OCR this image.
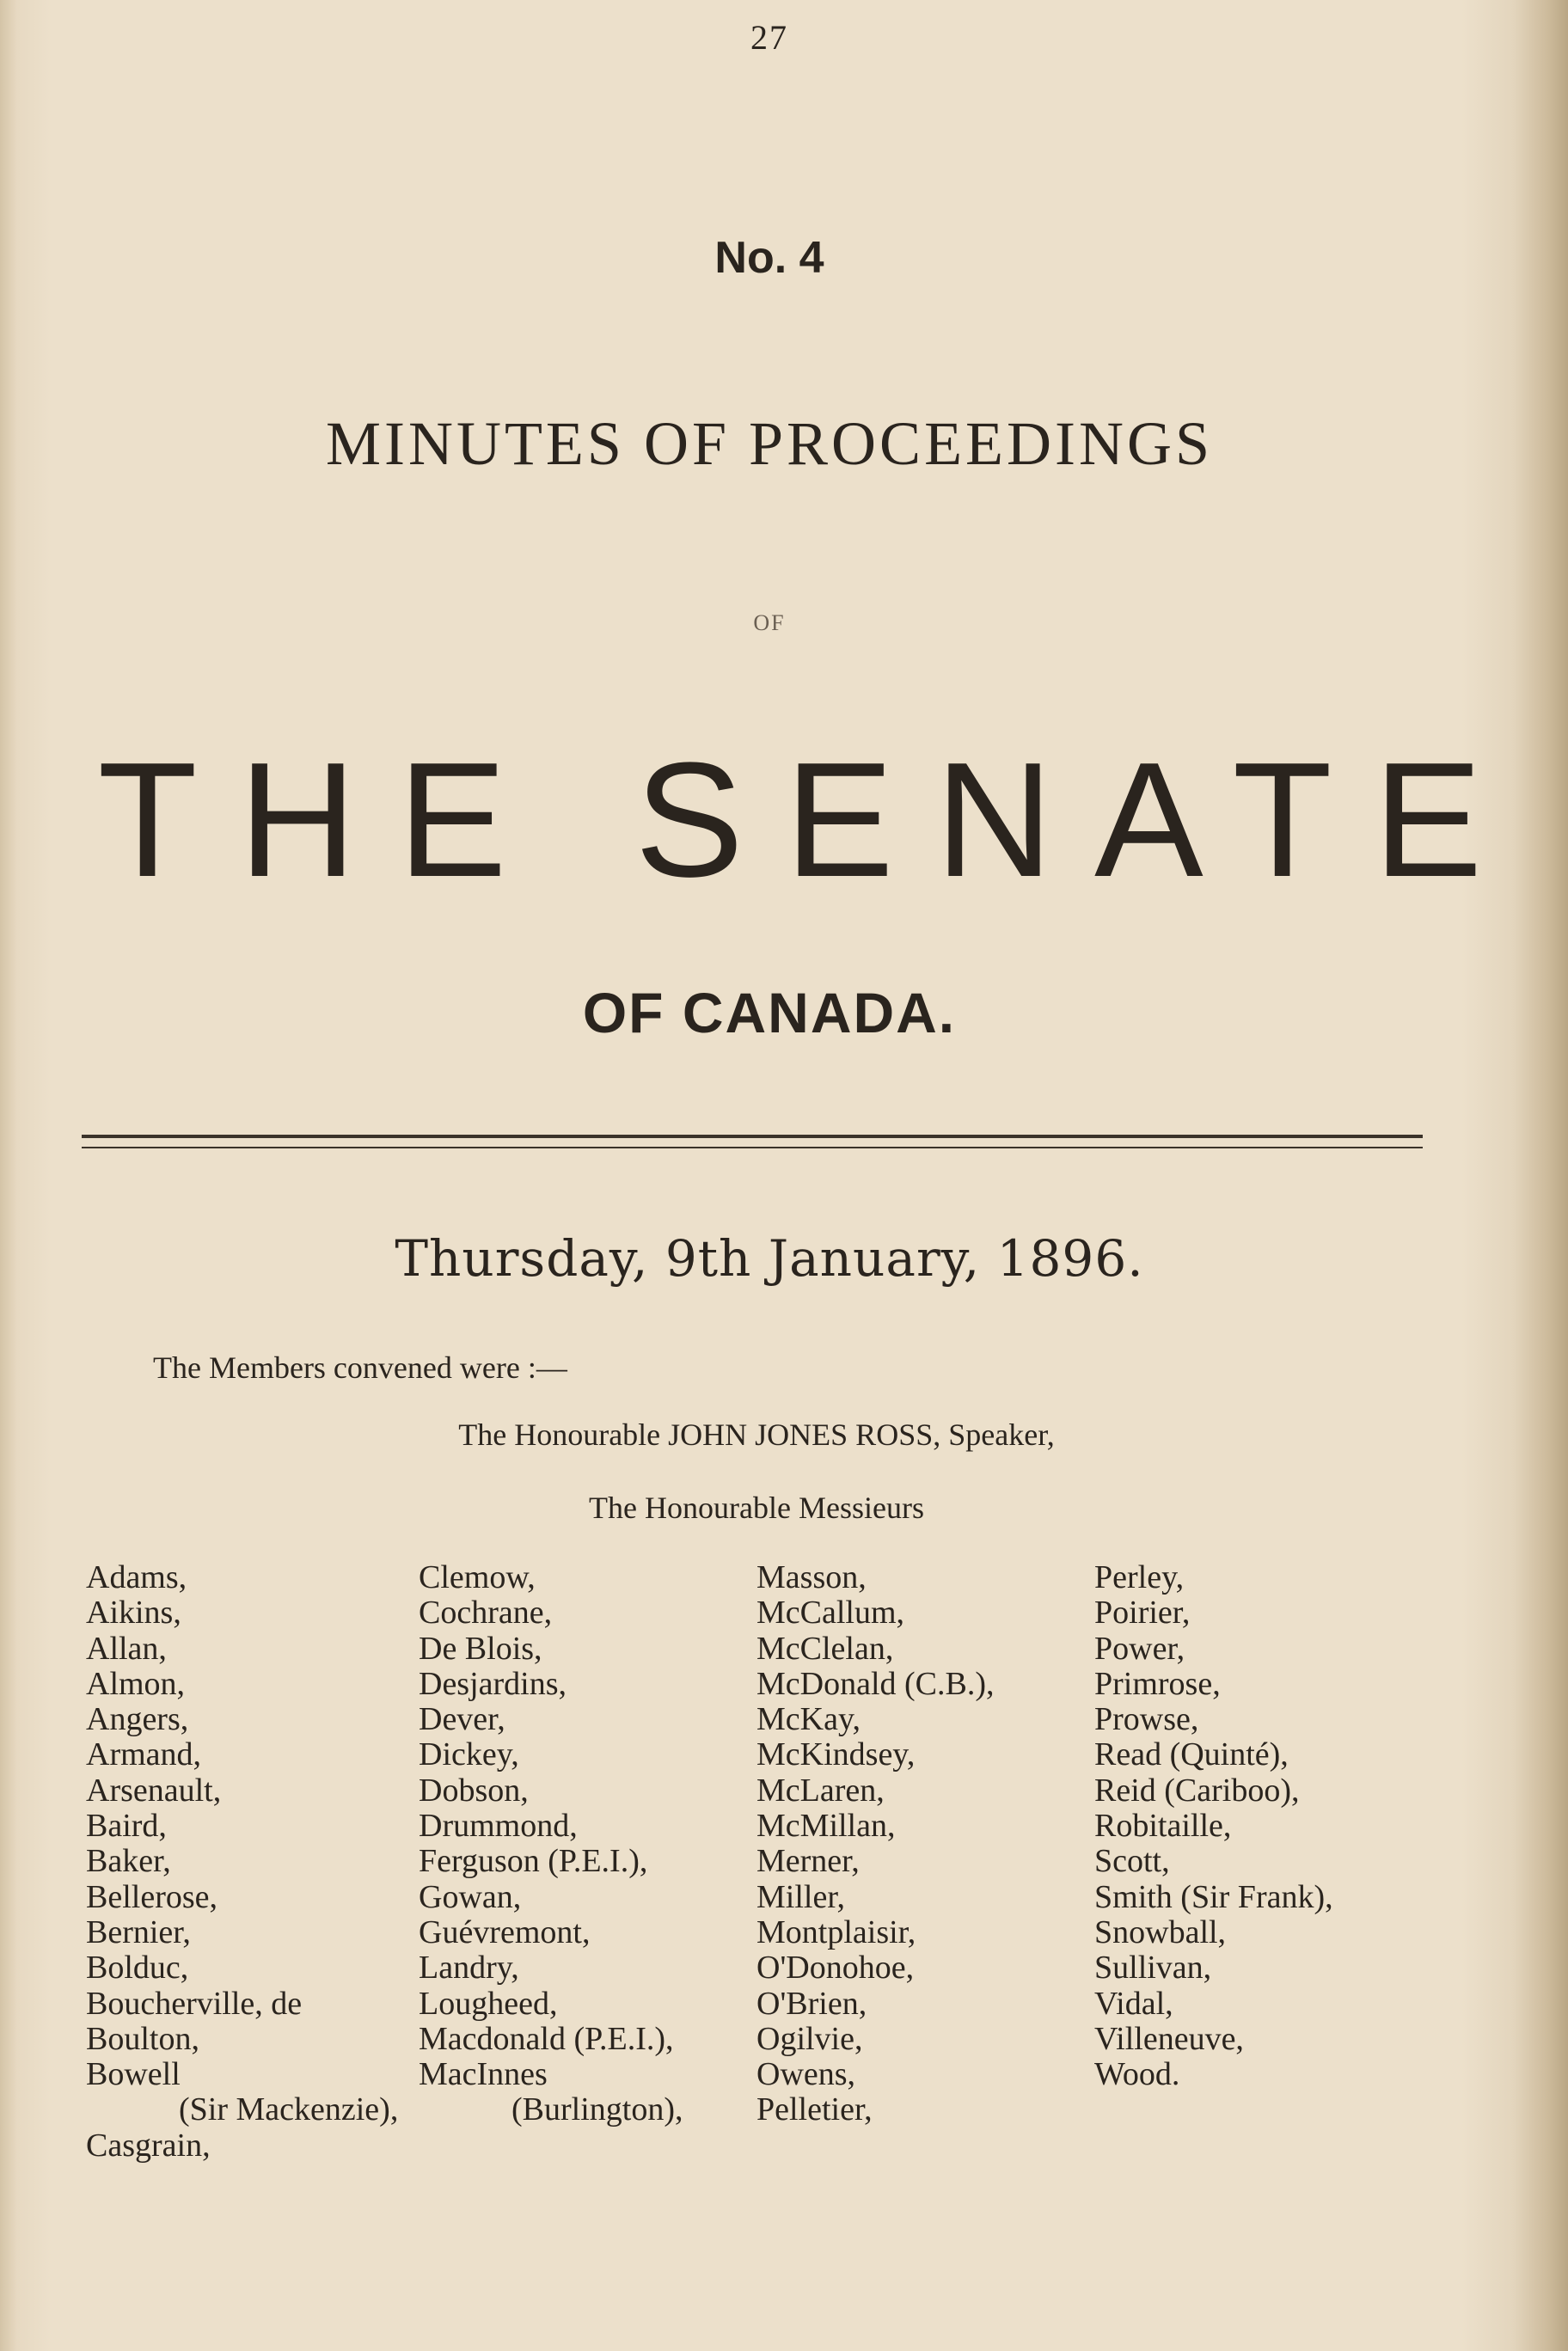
27
No. 4
MINUTES OF PROCEEDINGS
OF
THE SENATE
OF CANADA.
Thursday, 9th January, 1896.
The Members convened were :—
The Honourable JOHN JONES ROSS, Speaker,
The Honourable Messieurs
Adams,
Aikins,
Allan,
Almon,
Angers,
Armand,
Arsenault,
Baird,
Baker,
Bellerose,
Bernier,
Bolduc,
Boucherville, de
Boulton,
Bowell
(Sir Mackenzie),
Casgrain,
Clemow,
Cochrane,
De Blois,
Desjardins,
Dever,
Dickey,
Dobson,
Drummond,
Ferguson (P.E.I.),
Gowan,
Guévremont,
Landry,
Lougheed,
Macdonald (P.E.I.),
MacInnes
(Burlington),
Masson,
McCallum,
McClelan,
McDonald (C.B.),
McKay,
McKindsey,
McLaren,
McMillan,
Merner,
Miller,
Montplaisir,
O'Donohoe,
O'Brien,
Ogilvie,
Owens,
Pelletier,
Perley,
Poirier,
Power,
Primrose,
Prowse,
Read (Quinté),
Reid (Cariboo),
Robitaille,
Scott,
Smith (Sir Frank),
Snowball,
Sullivan,
Vidal,
Villeneuve,
Wood.
